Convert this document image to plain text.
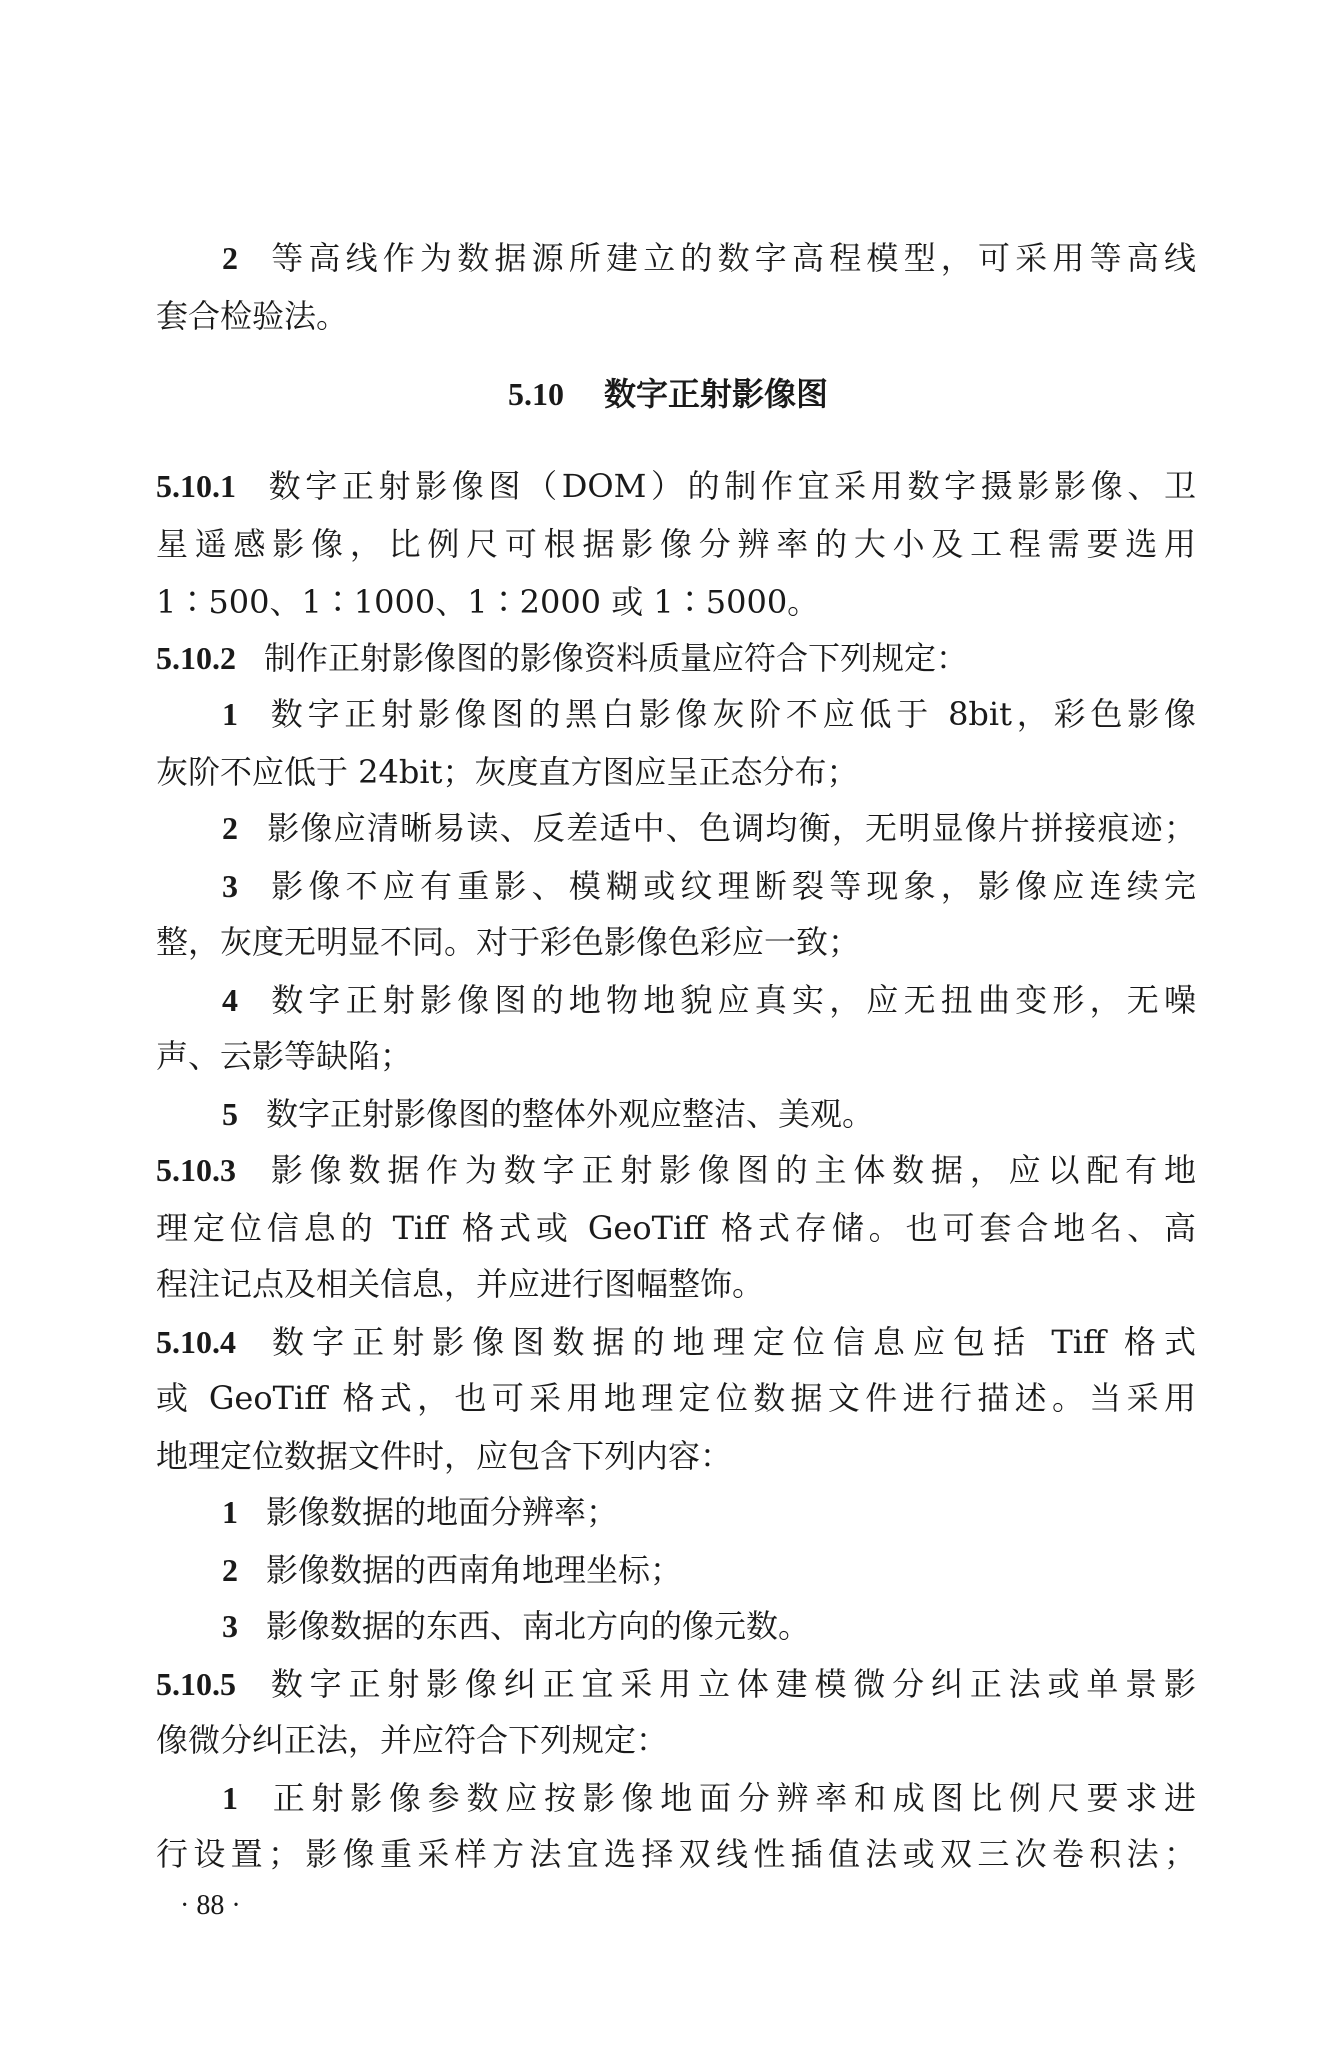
2 等高线作为数据源所建立的数字高程模型，可采用等高线
套合检验法。
5.10 数字正射影像图
5.10.1 数字正射影像图（DOM）的制作宜采用数字摄影影像、卫
星遥感影像，比例尺可根据影像分辨率的大小及工程需要选用
1∶500、1∶1000、1∶2000 或 1∶5000。
5.10.2 制作正射影像图的影像资料质量应符合下列规定：
1 数字正射影像图的黑白影像灰阶不应低于 8bit，彩色影像
灰阶不应低于 24bit；灰度直方图应呈正态分布；
2 影像应清晰易读、反差适中、色调均衡，无明显像片拼接痕迹；
3 影像不应有重影、模糊或纹理断裂等现象，影像应连续完
整，灰度无明显不同。对于彩色影像色彩应一致；
4 数字正射影像图的地物地貌应真实，应无扭曲变形，无噪
声、云影等缺陷；
5 数字正射影像图的整体外观应整洁、美观。
5.10.3 影像数据作为数字正射影像图的主体数据，应以配有地
理定位信息的 Tiff 格式或 GeoTiff 格式存储。也可套合地名、高
程注记点及相关信息，并应进行图幅整饰。
5.10.4 数字正射影像图数据的地理定位信息应包括 Tiff 格式
或 GeoTiff 格式，也可采用地理定位数据文件进行描述。当采用
地理定位数据文件时，应包含下列内容：
1 影像数据的地面分辨率；
2 影像数据的西南角地理坐标；
3 影像数据的东西、南北方向的像元数。
5.10.5 数字正射影像纠正宜采用立体建模微分纠正法或单景影
像微分纠正法，并应符合下列规定：
1 正射影像参数应按影像地面分辨率和成图比例尺要求进
行设置；影像重采样方法宜选择双线性插值法或双三次卷积法；
· 88 ·
